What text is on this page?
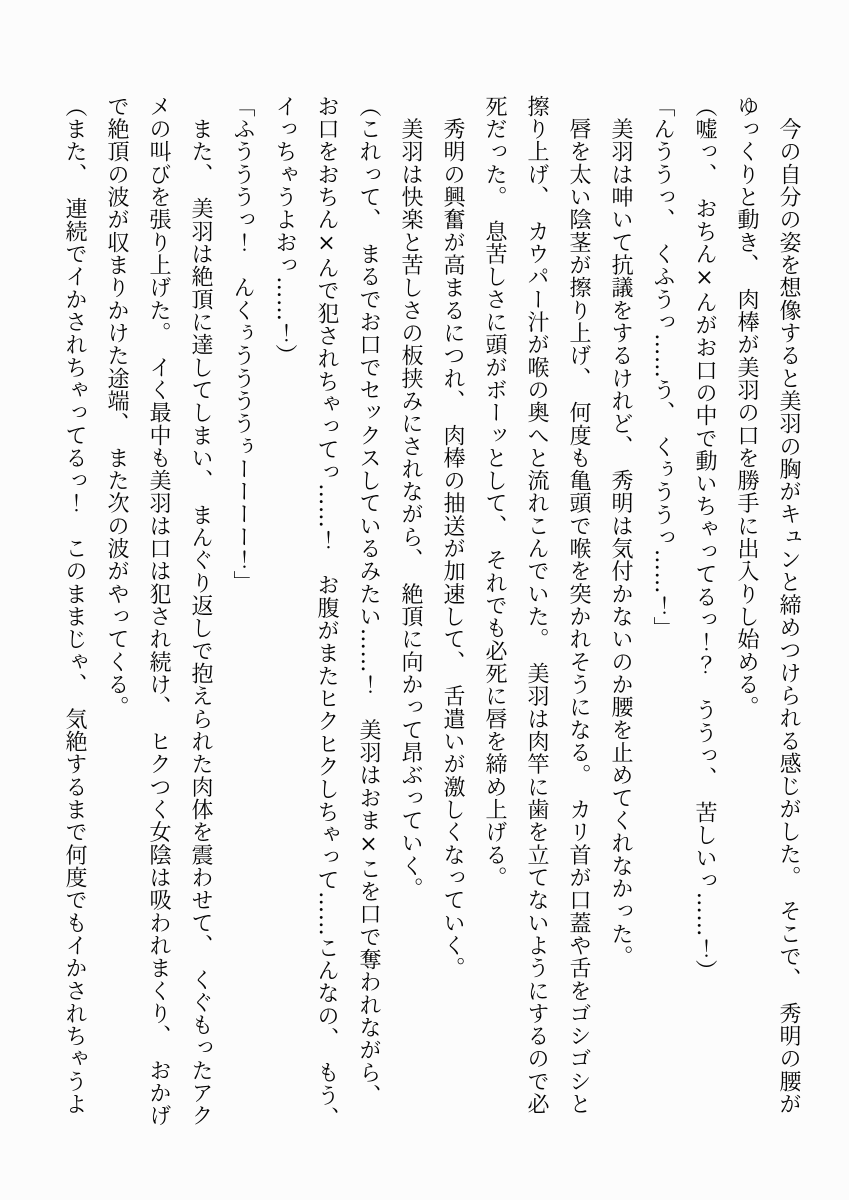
　今の自分の姿を想像すると美羽の胸がキュンと締めつけられる感じがした。　そこで、　秀明の腰が

ゆっくりと動き、　肉棒が美羽の口を勝手に出入りし始める。

（嘘っ、　おちん×んがお口の中で動いちゃってるっ！？　ううっ、　苦しいっ……！）

「んううっ、　くふうっ……う、　くぅううっ……！」

　美羽は呻いて抗議をするけれど、　秀明は気付かないのか腰を止めてくれなかった。

　唇を太い陰茎が擦り上げ、　何度も亀頭で喉を突かれそうになる。　カリ首が口蓋や舌をゴシゴシと

擦り上げ、　カウパー汁が喉の奥へと流れこんでいた。　美羽は肉竿に歯を立てないようにするので必

死だった。　息苦しさに頭がボーッとして、　それでも必死に唇を締め上げる。

　秀明の興奮が高まるにつれ、　肉棒の抽送が加速して、　舌遣いが激しくなっていく。

　美羽は快楽と苦しさの板挟みにされながら、　絶頂に向かって昂ぶっていく。

（これって、　まるでお口でセックスしているみたい……！　美羽はおま×こを口で奪われながら、

お口をおちん×んで犯されちゃってっ……！　お腹がまたヒクヒクしちゃって……こんなの、　もう、

イっちゃうよおっ……！）

「ふうううっ！　んくぅううううぅーーーー！」

　また、　美羽は絶頂に達してしまい、　まんぐり返しで抱えられた肉体を震わせて、　くぐもったアク

メの叫びを張り上げた。　イく最中も美羽は口は犯され続け、　ヒクつく女陰は吸われまくり、　おかげ

で絶頂の波が収まりかけた途端、　また次の波がやってくる。

（また、　連続でイかされちゃってるっ！　このままじゃ、　気絶するまで何度でもイかされちゃうよ
